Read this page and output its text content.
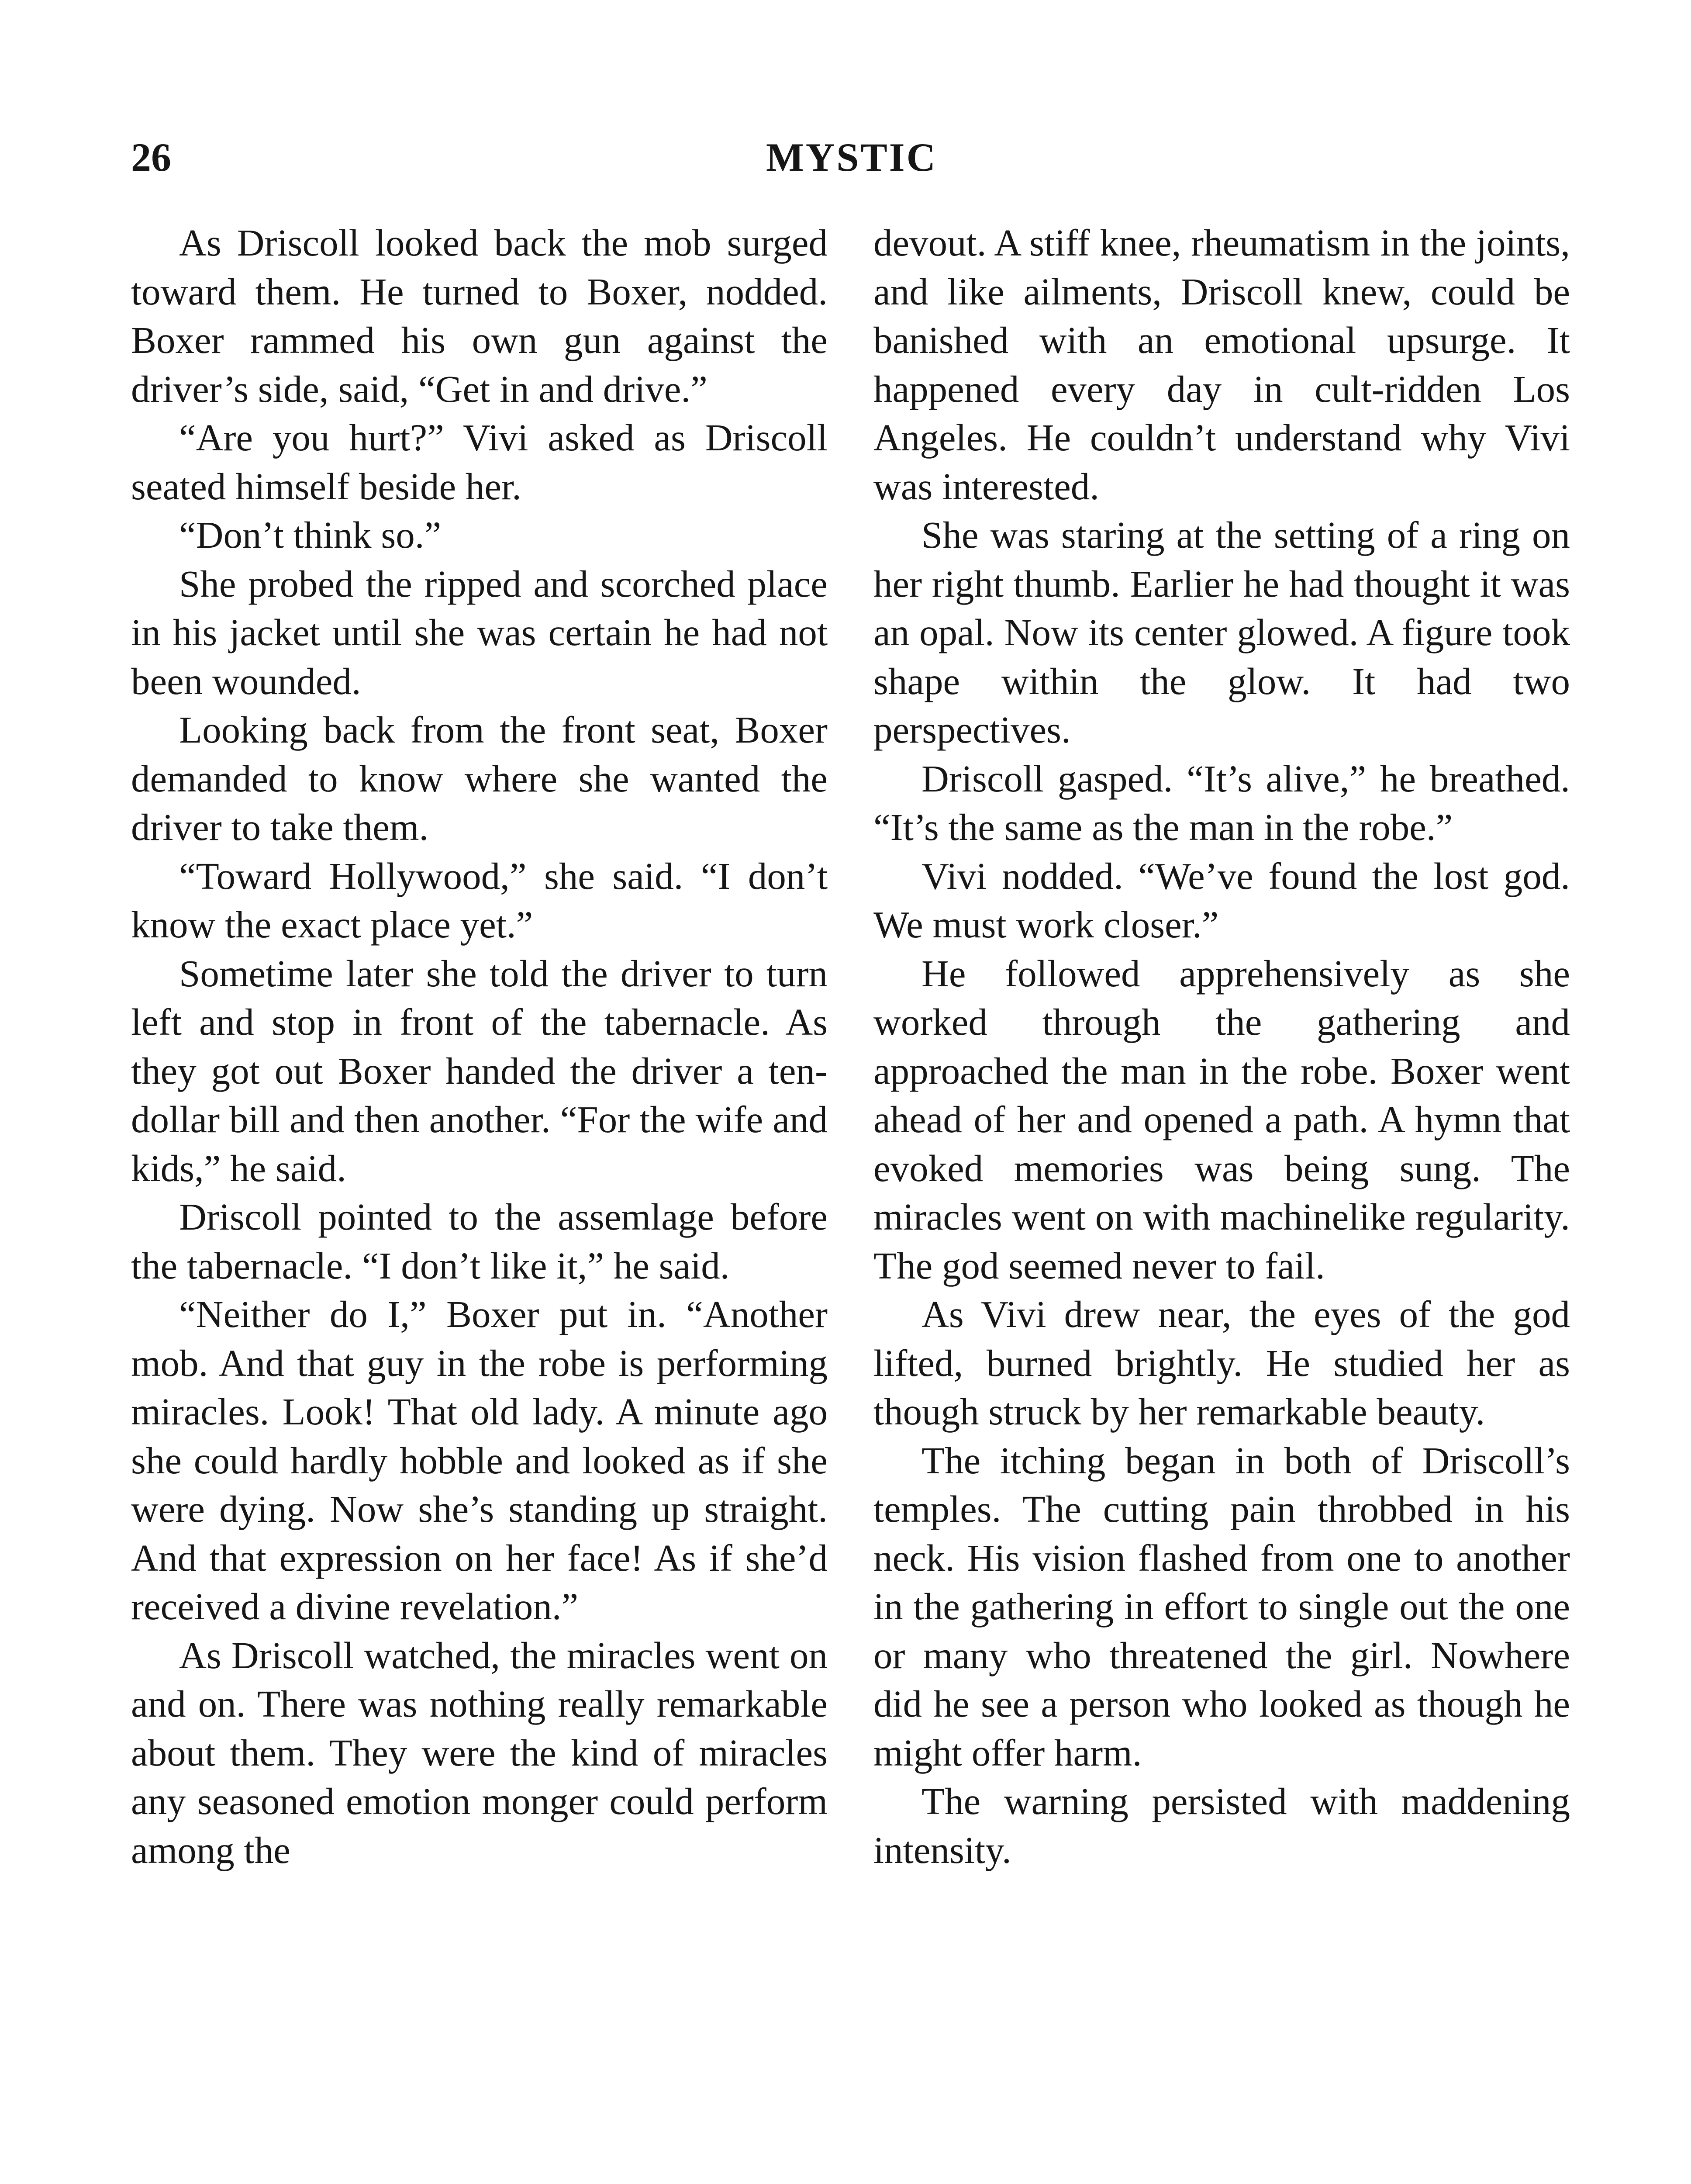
26	MYSTIC

As Driscoll looked back the mob surged toward them. He turned to Boxer, nodded. Boxer rammed his own gun against the driver’s side, said, “Get in and drive.”

“Are you hurt?” Vivi asked as Driscoll seated himself beside her.

“Don’t think so.”

She probed the ripped and scorched place in his jacket until she was certain he had not been wounded.

Looking back from the front seat, Boxer demanded to know where she wanted the driver to take them.

“Toward Hollywood,” she said. “I don’t know the exact place yet.”

Sometime later she told the driver to turn left and stop in front of the tabernacle. As they got out Boxer handed the driver a ten-dollar bill and then another. “For the wife and kids,” he said.

Driscoll pointed to the assemlage before the tabernacle. “I don’t like it,” he said.

“Neither do I,” Boxer put in. “Another mob. And that guy in the robe is performing miracles. Look! That old lady. A minute ago she could hardly hobble and looked as if she were dying. Now she’s standing up straight. And that expression on her face! As if she’d received a divine revelation.”

As Driscoll watched, the miracles went on and on. There was nothing really remarkable about them. They were the kind of miracles any seasoned emotion monger could perform among the

devout. A stiff knee, rheumatism in the joints, and like ailments, Driscoll knew, could be banished with an emotional upsurge. It happened every day in cult-ridden Los Angeles. He couldn’t understand why Vivi was interested.

She was staring at the setting of a ring on her right thumb. Earlier he had thought it was an opal. Now its center glowed. A figure took shape within the glow. It had two perspectives.

Driscoll gasped. “It’s alive,” he breathed. “It’s the same as the man in the robe.”

Vivi nodded. “We’ve found the lost god. We must work closer.”

He followed apprehensively as she worked through the gathering and approached the man in the robe. Boxer went ahead of her and opened a path. A hymn that evoked memories was being sung. The miracles went on with machinelike regularity. The god seemed never to fail.

As Vivi drew near, the eyes of the god lifted, burned brightly. He studied her as though struck by her remarkable beauty.

The itching began in both of Driscoll’s temples. The cutting pain throbbed in his neck. His vision flashed from one to another in the gathering in effort to single out the one or many who threatened the girl. Nowhere did he see a person who looked as though he might offer harm.

The warning persisted with maddening intensity.
